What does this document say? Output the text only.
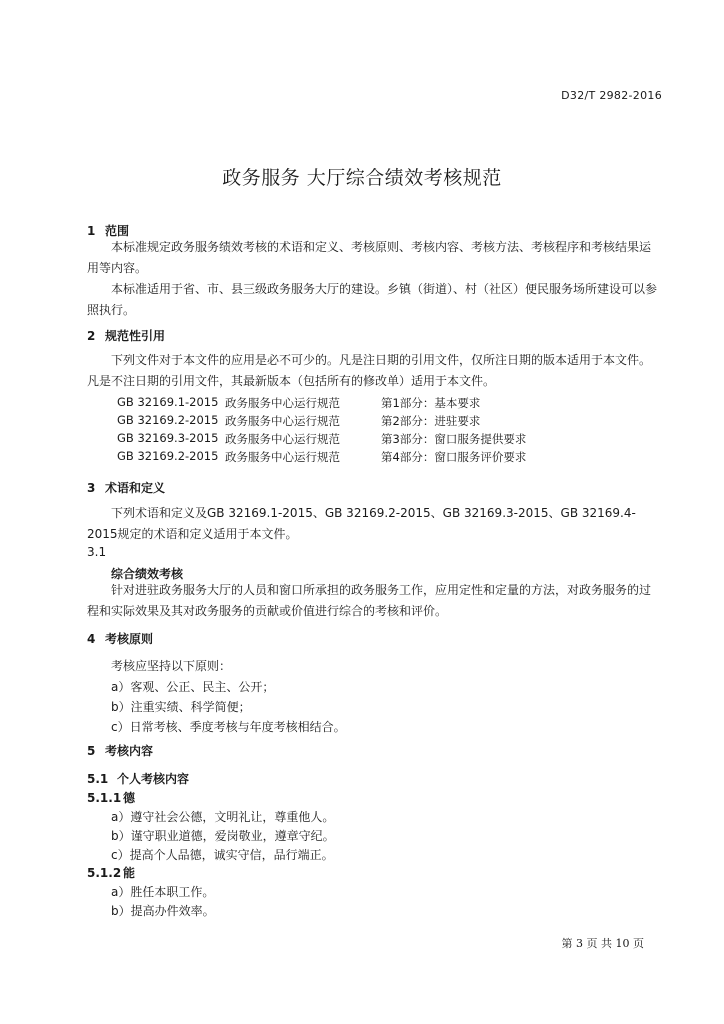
D32/T 2982-2016
政务服务 大厅综合绩效考核规范
1 范围
本标准规定政务服务绩效考核的术语和定义、考核原则、考核内容、考核方法、考核程序和考核结果运用等内容。
本标准适用于省、市、县三级政务服务大厅的建设。乡镇（街道）、村（社区）便民服务场所建设可以参照执行。
2 规范性引用
下列文件对于本文件的应用是必不可少的。凡是注日期的引用文件，仅所注日期的版本适用于本文件。凡是不注日期的引用文件，其最新版本（包括所有的修改单）适用于本文件。
GB 32169.1-2015 政务服务中心运行规范	第1部分：基本要求
GB 32169.2-2015 政务服务中心运行规范	第2部分：进驻要求
GB 32169.3-2015 政务服务中心运行规范	第3部分：窗口服务提供要求
GB 32169.2-2015 政务服务中心运行规范	第4部分：窗口服务评价要求
3 术语和定义
下列术语和定义及GB 32169.1-2015、GB 32169.2-2015、GB 32169.3-2015、GB 32169.4-2015规定的术语和定义适用于本文件。
3.1
综合绩效考核
针对进驻政务服务大厅的人员和窗口所承担的政务服务工作，应用定性和定量的方法，对政务服务的过程和实际效果及其对政务服务的贡献或价值进行综合的考核和评价。
4 考核原则
考核应坚持以下原则：
a）客观、公正、民主、公开；
b）注重实绩、科学简便；
c）日常考核、季度考核与年度考核相结合。
5 考核内容
5.1 个人考核内容
5.1.1 德
a）遵守社会公德，文明礼让，尊重他人。
b）谨守职业道德，爱岗敬业，遵章守纪。
c）提高个人品德，诚实守信，品行端正。
5.1.2 能
a）胜任本职工作。
b）提高办件效率。
第 3 页 共 10 页
